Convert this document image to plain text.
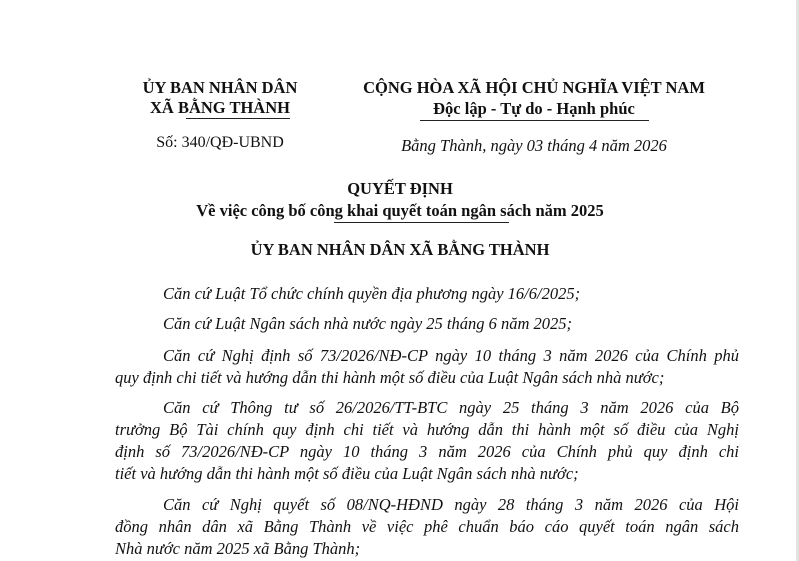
ỦY BAN NHÂN DÂN
XÃ BẰNG THÀNH
Số: 340/QĐ-UBND
CỘNG HÒA XÃ HỘI CHỦ NGHĨA VIỆT NAM
Độc lập - Tự do - Hạnh phúc
Bằng Thành, ngày 03 tháng 4 năm 2026
QUYẾT ĐỊNH
Về việc công bố công khai quyết toán ngân sách năm 2025
ỦY BAN NHÂN DÂN XÃ BẰNG THÀNH
Căn cứ Luật Tổ chức chính quyền địa phương ngày 16/6/2025;
Căn cứ Luật Ngân sách nhà nước ngày 25 tháng 6 năm 2025;
Căn cứ Nghị định số 73/2026/NĐ-CP ngày 10 tháng 3 năm 2026 của Chính phủ
quy định chi tiết và hướng dẫn thi hành một số điều của Luật Ngân sách nhà nước;
Căn cứ Thông tư số 26/2026/TT-BTC ngày 25 tháng 3 năm 2026 của Bộ
trưởng Bộ Tài chính quy định chi tiết và hướng dẫn thi hành một số điều của Nghị
định số 73/2026/NĐ-CP ngày 10 tháng 3 năm 2026 của Chính phủ quy định chi
tiết và hướng dẫn thi hành một số điều của Luật Ngân sách nhà nước;
Căn cứ Nghị quyết số 08/NQ-HĐND ngày 28 tháng 3 năm 2026 của Hội
đồng nhân dân xã Bằng Thành về việc phê chuẩn báo cáo quyết toán ngân sách
Nhà nước năm 2025 xã Bằng Thành;
